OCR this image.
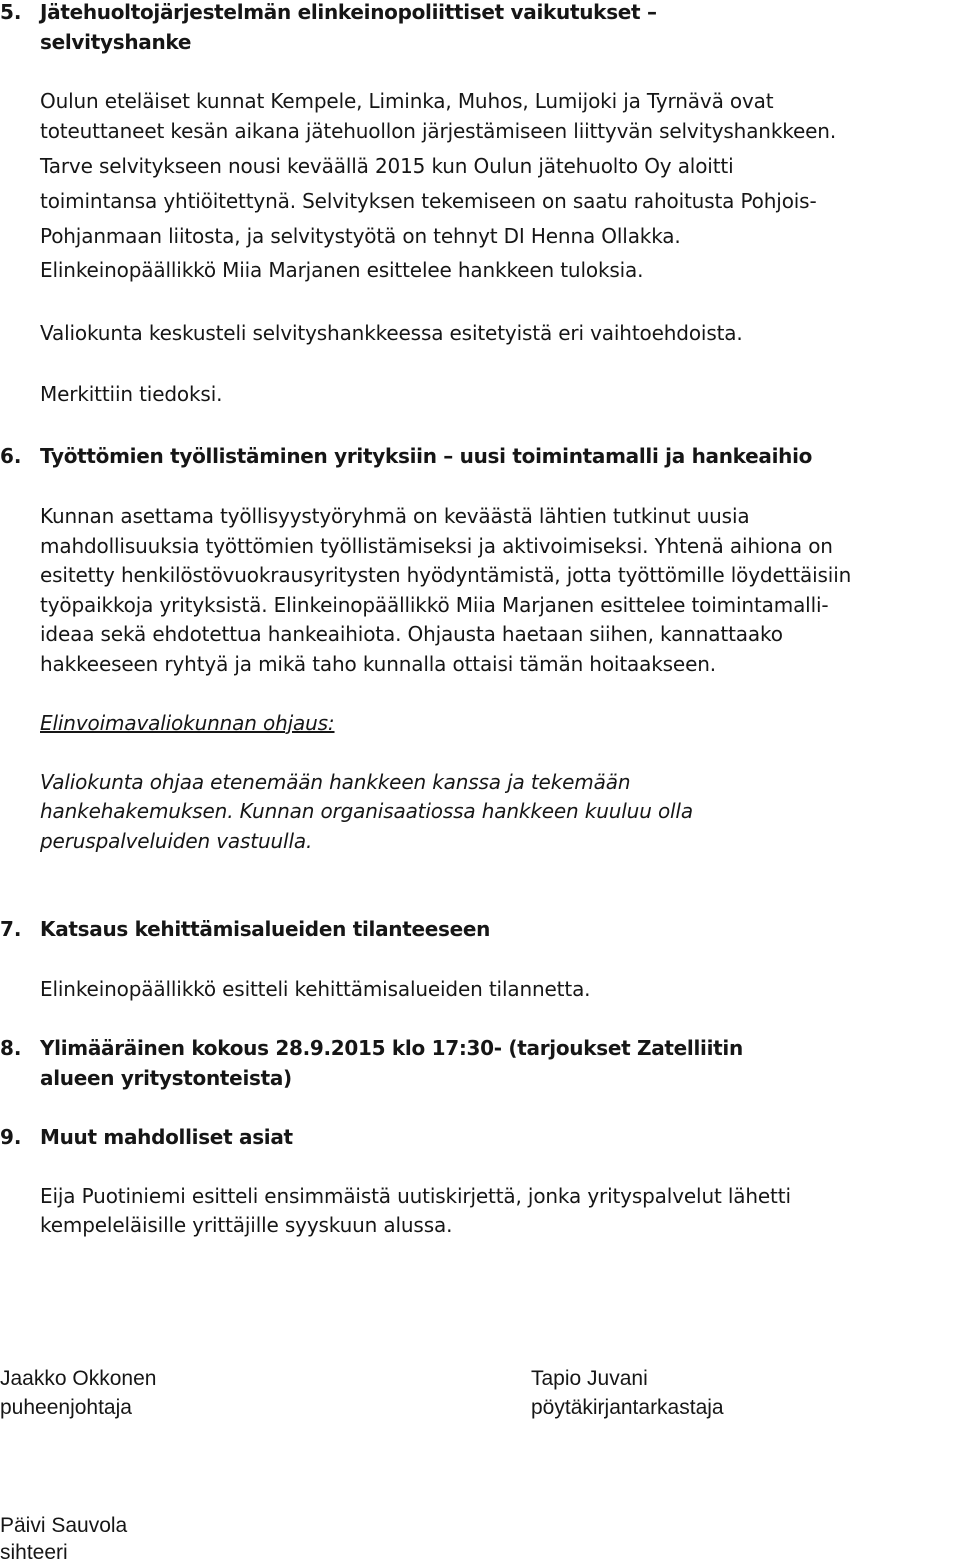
5. Jätehuoltojärjestelmän elinkeinopoliittiset vaikutukset –
selvityshanke
Oulun eteläiset kunnat Kempele, Liminka, Muhos, Lumijoki ja Tyrnävä ovat
toteuttaneet kesän aikana jätehuollon järjestämiseen liittyvän selvityshankkeen.
Tarve selvitykseen nousi keväällä 2015 kun Oulun jätehuolto Oy aloitti
toimintansa yhtiöitettynä. Selvityksen tekemiseen on saatu rahoitusta Pohjois-
Pohjanmaan liitosta, ja selvitystyötä on tehnyt DI Henna Ollakka.
Elinkeinopäällikkö Miia Marjanen esittelee hankkeen tuloksia.
Valiokunta keskusteli selvityshankkeessa esitetyistä eri vaihtoehdoista.
Merkittiin tiedoksi.
6. Työttömien työllistäminen yrityksiin – uusi toimintamalli ja hankeaihio
Kunnan asettama työllisyystyöryhmä on keväästä lähtien tutkinut uusia
mahdollisuuksia työttömien työllistämiseksi ja aktivoimiseksi. Yhtenä aihiona on
esitetty henkilöstövuokrausyritysten hyödyntämistä, jotta työttömille löydettäisiin
työpaikkoja yrityksistä. Elinkeinopäällikkö Miia Marjanen esittelee toimintamalli-
ideaa sekä ehdotettua hankeaihiota. Ohjausta haetaan siihen, kannattaako
hakkeeseen ryhtyä ja mikä taho kunnalla ottaisi tämän hoitaakseen.
Elinvoimavaliokunnan ohjaus:
Valiokunta ohjaa etenemään hankkeen kanssa ja tekemään
hankehakemuksen. Kunnan organisaatiossa hankkeen kuuluu olla
peruspalveluiden vastuulla.
7. Katsaus kehittämisalueiden tilanteeseen
Elinkeinopäällikkö esitteli kehittämisalueiden tilannetta.
8. Ylimääräinen kokous 28.9.2015 klo 17:30- (tarjoukset Zatelliitin
alueen yritystonteista)
9. Muut mahdolliset asiat
Eija Puotiniemi esitteli ensimmäistä uutiskirjettä, jonka yrityspalvelut lähetti
kempeleläisille yrittäjille syyskuun alussa.
Jaakko Okkonen
puheenjohtaja
Tapio Juvani
pöytäkirjantarkastaja
Päivi Sauvola
sihteeri
